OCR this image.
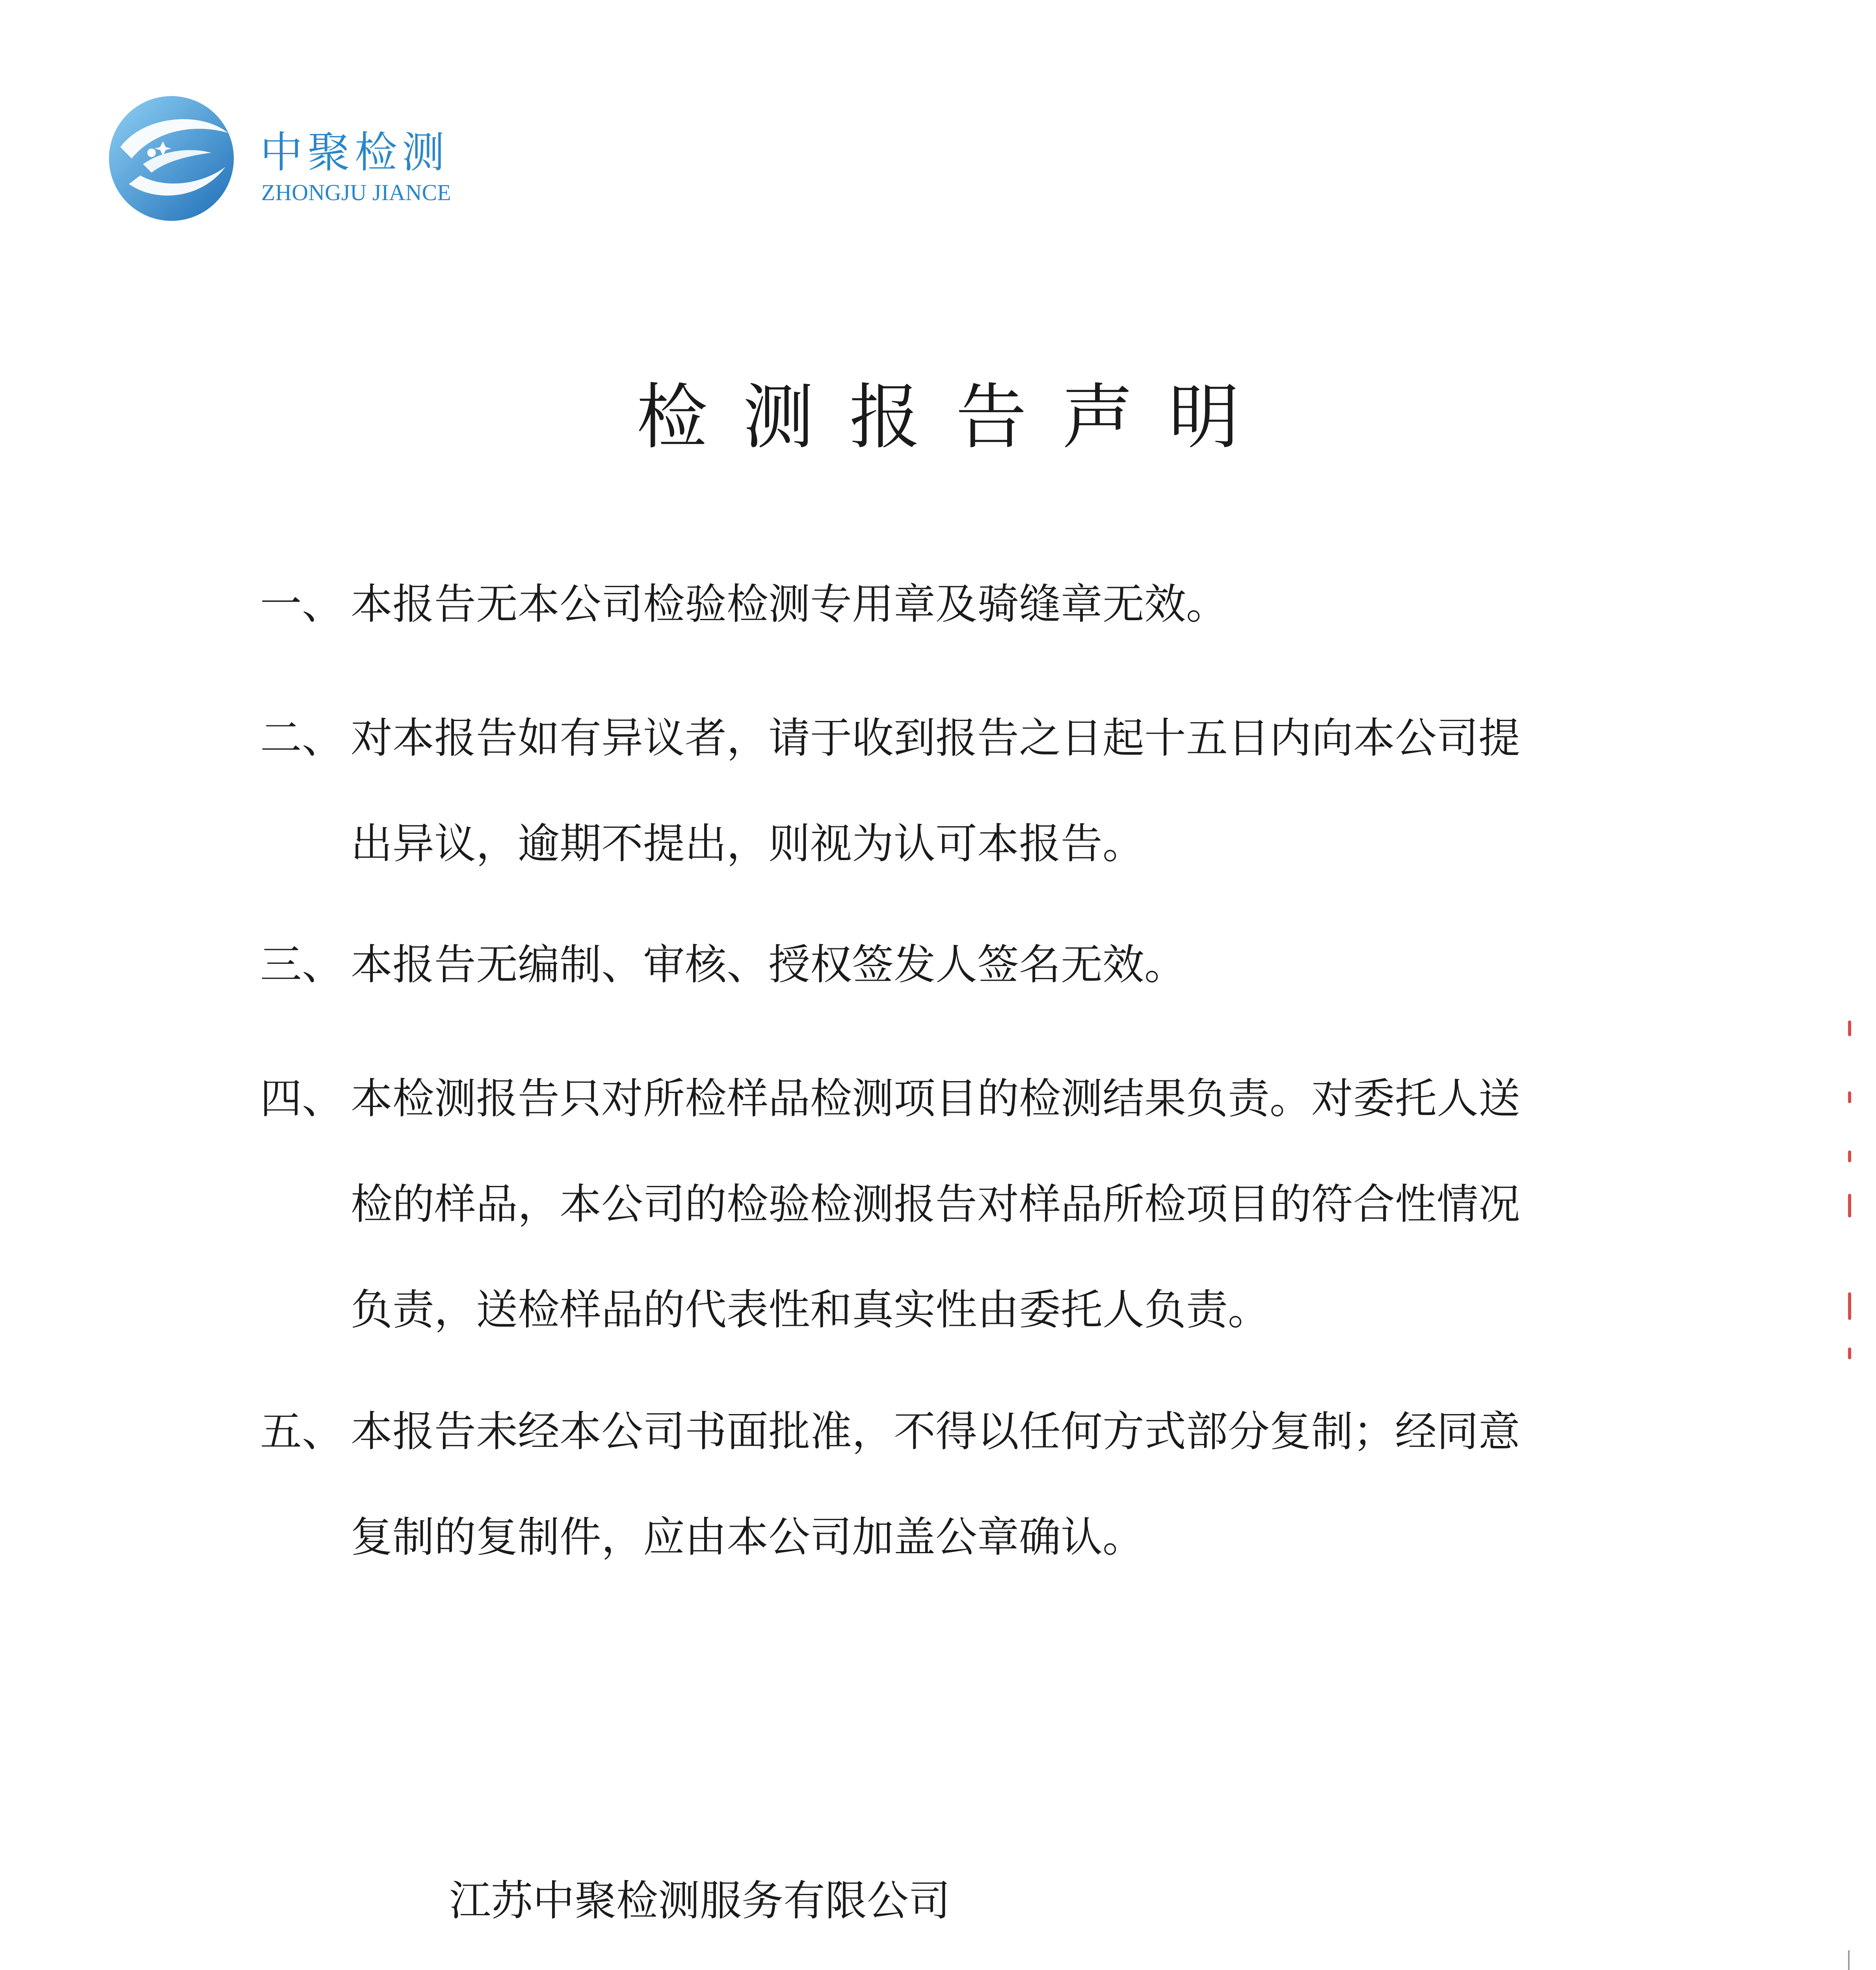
中聚检测
ZHONGJU JIANCE
检测报告声明
一、 本报告无本公司检验检测专用章及骑缝章无效。
二、 对本报告如有异议者，请于收到报告之日起十五日内向本公司提
出异议，逾期不提出，则视为认可本报告。
三、 本报告无编制、审核、授权签发人签名无效。
四、 本检测报告只对所检样品检测项目的检测结果负责。对委托人送
检的样品，本公司的检验检测报告对样品所检项目的符合性情况
负责，送检样品的代表性和真实性由委托人负责。
五、 本报告未经本公司书面批准，不得以任何方式部分复制；经同意
复制的复制件，应由本公司加盖公章确认。
江苏中聚检测服务有限公司
